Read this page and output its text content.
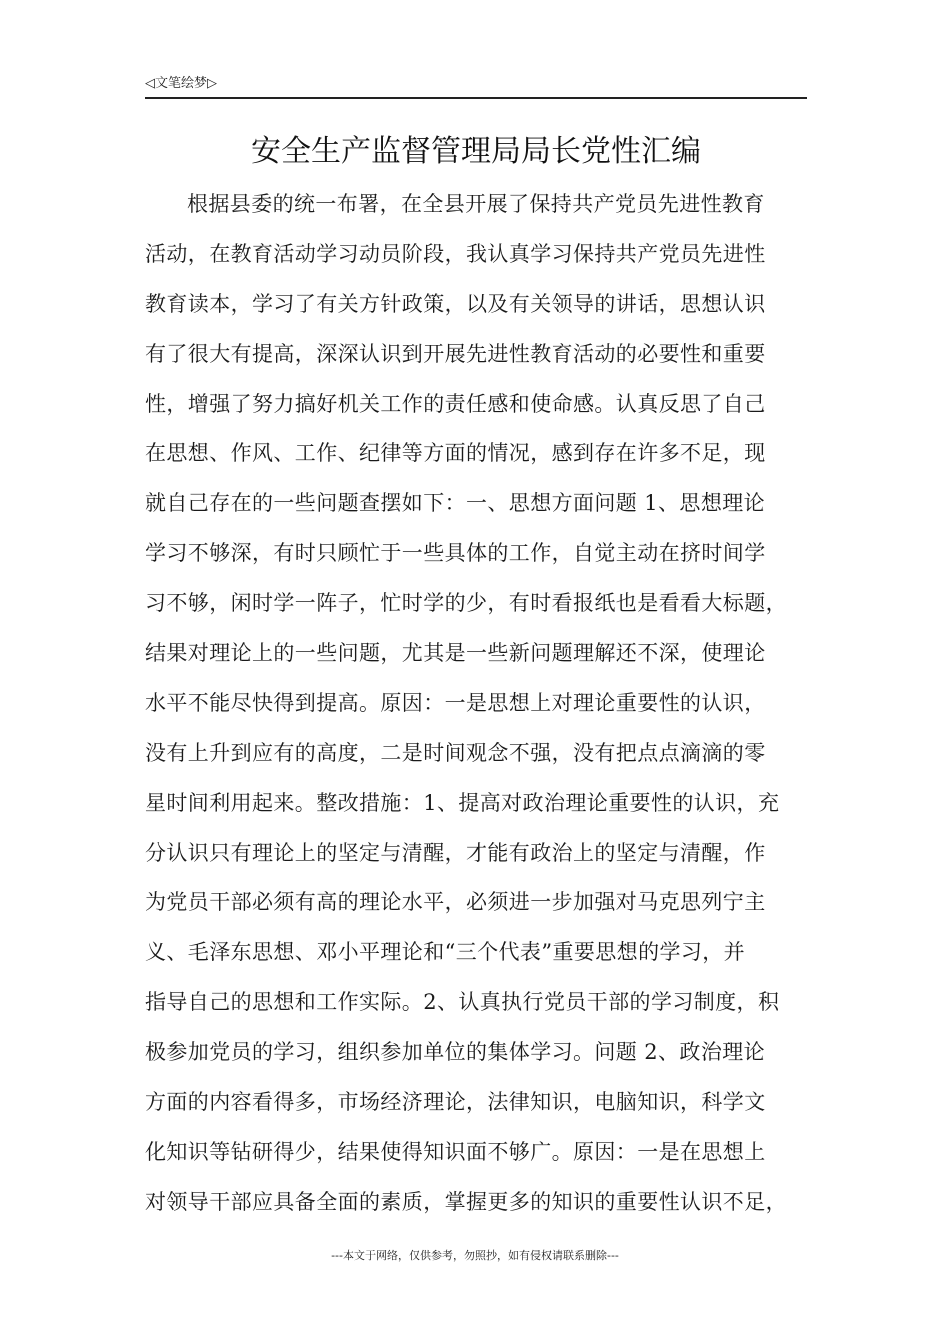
◁文笔绘梦▷
安全生产监督管理局局长党性汇编
根据县委的统一布署，在全县开展了保持共产党员先进性教育
活动，在教育活动学习动员阶段，我认真学习保持共产党员先进性
教育读本，学习了有关方针政策，以及有关领导的讲话，思想认识
有了很大有提高，深深认识到开展先进性教育活动的必要性和重要
性，增强了努力搞好机关工作的责任感和使命感。认真反思了自己
在思想、作风、工作、纪律等方面的情况，感到存在许多不足，现
就自己存在的一些问题查摆如下：一、思想方面问题 1、思想理论
学习不够深，有时只顾忙于一些具体的工作，自觉主动在挤时间学
习不够，闲时学一阵子，忙时学的少，有时看报纸也是看看大标题，
结果对理论上的一些问题，尤其是一些新问题理解还不深，使理论
水平不能尽快得到提高。原因：一是思想上对理论重要性的认识，
没有上升到应有的高度，二是时间观念不强，没有把点点滴滴的零
星时间利用起来。整改措施：1、提高对政治理论重要性的认识，充
分认识只有理论上的坚定与清醒，才能有政治上的坚定与清醒，作
为党员干部必须有高的理论水平，必须进一步加强对马克思列宁主
义、毛泽东思想、邓小平理论和“三个代表”重要思想的学习，并
指导自己的思想和工作实际。2、认真执行党员干部的学习制度，积
极参加党员的学习，组织参加单位的集体学习。问题 2、政治理论
方面的内容看得多，市场经济理论，法律知识，电脑知识，科学文
化知识等钻研得少，结果使得知识面不够广。原因：一是在思想上
对领导干部应具备全面的素质，掌握更多的知识的重要性认识不足，
---本文于网络，仅供参考，勿照抄，如有侵权请联系删除---
